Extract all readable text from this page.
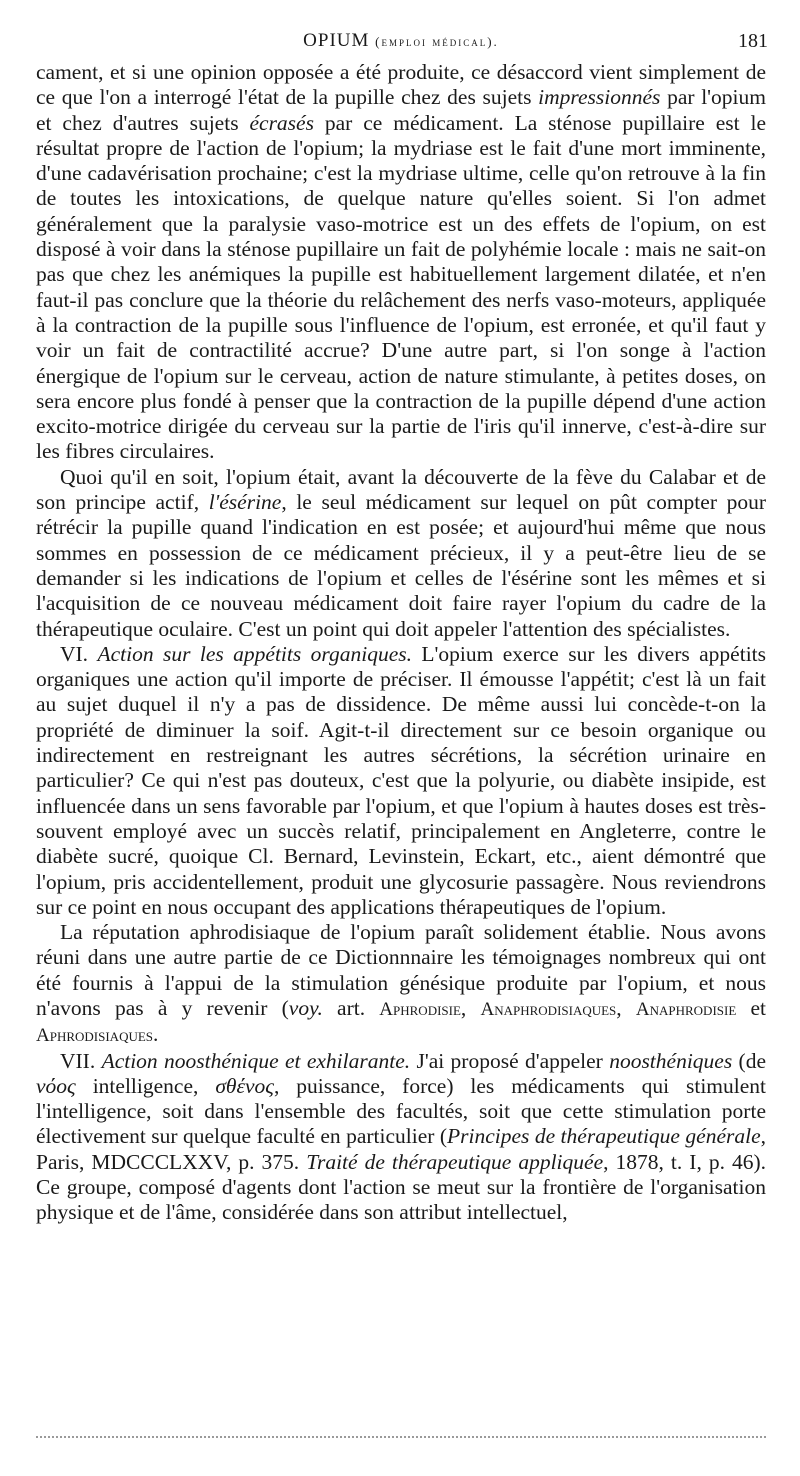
OPIUM (emploi médical).	181

cament, et si une opinion opposée a été produite, ce désaccord vient simplement de ce que l'on a interrogé l'état de la pupille chez des sujets impressionnés par l'opium et chez d'autres sujets écrasés par ce médicament. La sténose pupillaire est le résultat propre de l'action de l'opium; la mydriase est le fait d'une mort imminente, d'une cadavérisation prochaine; c'est la mydriase ultime, celle qu'on retrouve à la fin de toutes les intoxications, de quelque nature qu'elles soient. Si l'on admet généralement que la paralysie vaso-motrice est un des effets de l'opium, on est disposé à voir dans la sténose pupillaire un fait de polyhémie locale : mais ne sait-on pas que chez les anémiques la pupille est habituellement largement dilatée, et n'en faut-il pas conclure que la théorie du relâchement des nerfs vaso-moteurs, appliquée à la contraction de la pupille sous l'influence de l'opium, est erronée, et qu'il faut y voir un fait de contractilité accrue? D'une autre part, si l'on songe à l'action énergique de l'opium sur le cerveau, action de nature stimulante, à petites doses, on sera encore plus fondé à penser que la contraction de la pupille dépend d'une action excito-motrice dirigée du cerveau sur la partie de l'iris qu'il innerve, c'est-à-dire sur les fibres circulaires.

Quoi qu'il en soit, l'opium était, avant la découverte de la fève du Calabar et de son principe actif, l'ésérine, le seul médicament sur lequel on pût compter pour rétrécir la pupille quand l'indication en est posée; et aujourd'hui même que nous sommes en possession de ce médicament précieux, il y a peut-être lieu de se demander si les indications de l'opium et celles de l'ésérine sont les mêmes et si l'acquisition de ce nouveau médicament doit faire rayer l'opium du cadre de la thérapeutique oculaire. C'est un point qui doit appeler l'attention des spécialistes.

VI. Action sur les appétits organiques. L'opium exerce sur les divers appétits organiques une action qu'il importe de préciser. Il émousse l'appétit; c'est là un fait au sujet duquel il n'y a pas de dissidence. De même aussi lui concède-t-on la propriété de diminuer la soif. Agit-t-il directement sur ce besoin organique ou indirectement en restreignant les autres sécrétions, la sécrétion urinaire en particulier? Ce qui n'est pas douteux, c'est que la polyurie, ou diabète insipide, est influencée dans un sens favorable par l'opium, et que l'opium à hautes doses est très-souvent employé avec un succès relatif, principalement en Angleterre, contre le diabète sucré, quoique Cl. Bernard, Levinstein, Eckart, etc., aient démontré que l'opium, pris accidentellement, produit une glycosurie passagère. Nous reviendrons sur ce point en nous occupant des applications thérapeutiques de l'opium.

La réputation aphrodisiaque de l'opium paraît solidement établie. Nous avons réuni dans une autre partie de ce Dictionnnaire les témoignages nombreux qui ont été fournis à l'appui de la stimulation génésique produite par l'opium, et nous n'avons pas à y revenir (voy. art. Aphrodisie, Anaphrodisiaques, Anaphrodisie et Aphrodisiaques.

VII. Action noosthénique et exhilarante. J'ai proposé d'appeler noosthéniques (de νόος intelligence, σθένος, puissance, force) les médicaments qui stimulent l'intelligence, soit dans l'ensemble des facultés, soit que cette stimulation porte électivement sur quelque faculté en particulier (Principes de thérapeutique générale, Paris, MDCCCLXXV, p. 375. Traité de thérapeutique appliquée, 1878, t. I, p. 46). Ce groupe, composé d'agents dont l'action se meut sur la frontière de l'organisation physique et de l'âme, considérée dans son attribut intellectuel,
